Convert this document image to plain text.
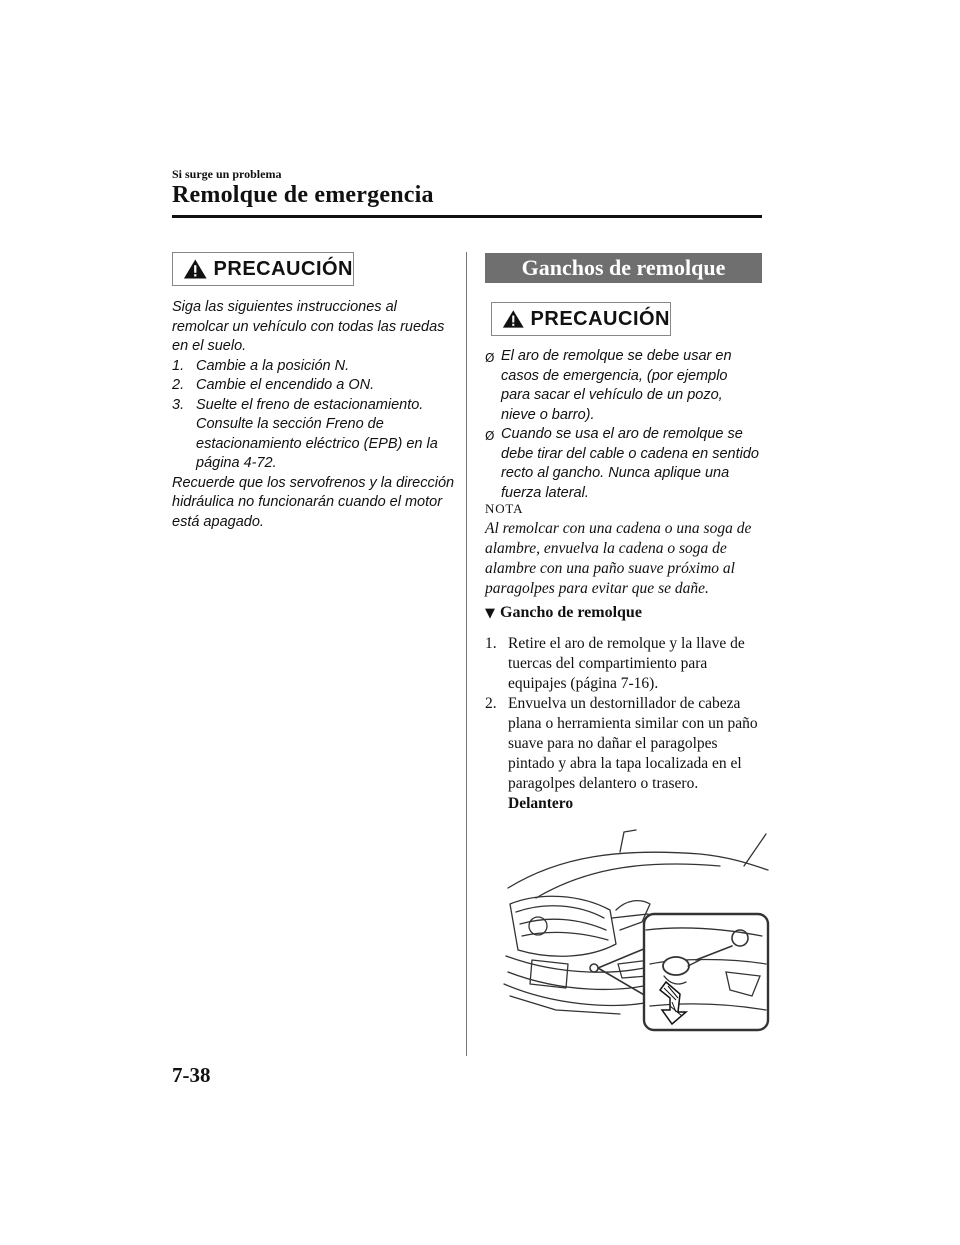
Si surge un problema
Remolque de emergencia
PRECAUCIÓN

Siga las siguientes instrucciones al remolcar un vehículo con todas las ruedas en el suelo.

1. Cambie a la posición N.
2. Cambie el encendido a ON.
3. Suelte el freno de estacionamiento. Consulte la sección Freno de estacionamiento eléctrico (EPB) en la página 4-72.

Recuerde que los servofrenos y la dirección hidráulica no funcionarán cuando el motor está apagado.

Ganchos de remolque
PRECAUCIÓN
Ø El aro de remolque se debe usar en casos de emergencia, (por ejemplo para sacar el vehículo de un pozo, nieve o barro).
Ø Cuando se usa el aro de remolque se debe tirar del cable o cadena en sentido recto al gancho. Nunca aplique una fuerza lateral.
NOTA
Al remolcar con una cadena o una soga de alambre, envuelva la cadena o soga de alambre con una paño suave próximo al paragolpes para evitar que se dañe.
▼ Gancho de remolque
1. Retire el aro de remolque y la llave de tuercas del compartimiento para equipajes (página 7-16).
2. Envuelva un destornillador de cabeza plana o herramienta similar con un paño suave para no dañar el paragolpes pintado y abra la tapa localizada en el paragolpes delantero o trasero.
Delantero
7-38
